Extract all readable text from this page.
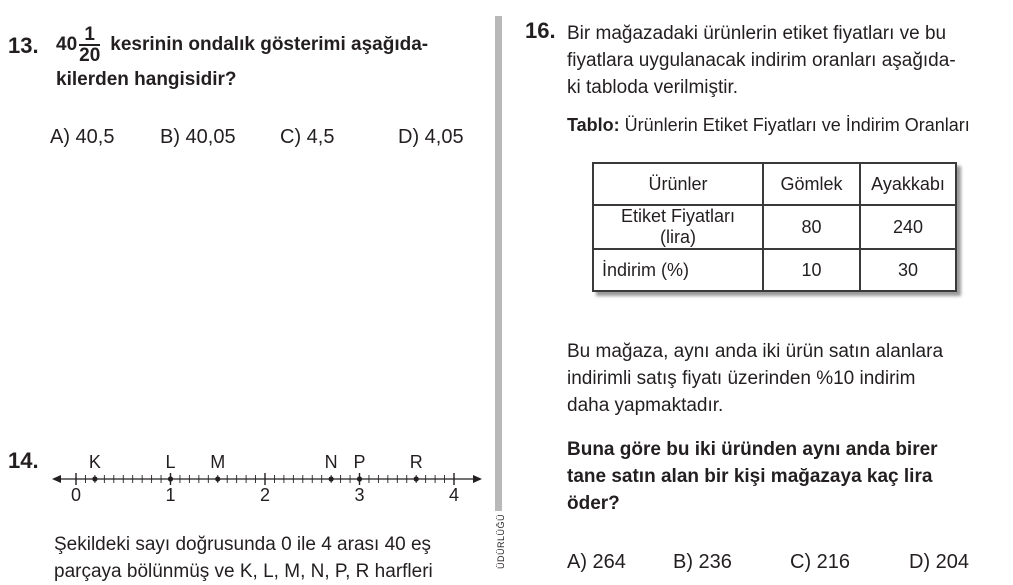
13. $40 \frac{1}{20}$ kesrinin ondalık gösterimi aşağıda-
kilerden hangisidir?
A) 40,5 B) 40,05 C) 4,5	D) 4,05
14.	K	L M	N P R
0	1	2	3	4
Şekildeki sayı doğrusunda 0 ile 4 arası 40 eş
parçaya bölünmüş ve K, L, M, N, P, R harfleri
ÜDÜRLÜĞÜ
16. Bir mağazadaki ürünlerin etiket fiyatları ve bu
fiyatlara uygulanacak indirim oranları aşağıda-
ki tabloda verilmiştir.
Tablo: Ürünlerin Etiket Fiyatları ve İndirim Oranları
Ürünler	Gömlek	Ayakkabı
Etiket Fiyatları (lira)	80	240
İndirim (%)	10	30
Bu mağaza, aynı anda iki ürün satın alanlara
indirimli satış fiyatı üzerinden %10 indirim
daha yapmaktadır.
Buna göre bu iki üründen aynı anda birer
tane satın alan bir kişi mağazaya kaç lira
öder?
A) 264 B) 236	C) 216	D) 204
